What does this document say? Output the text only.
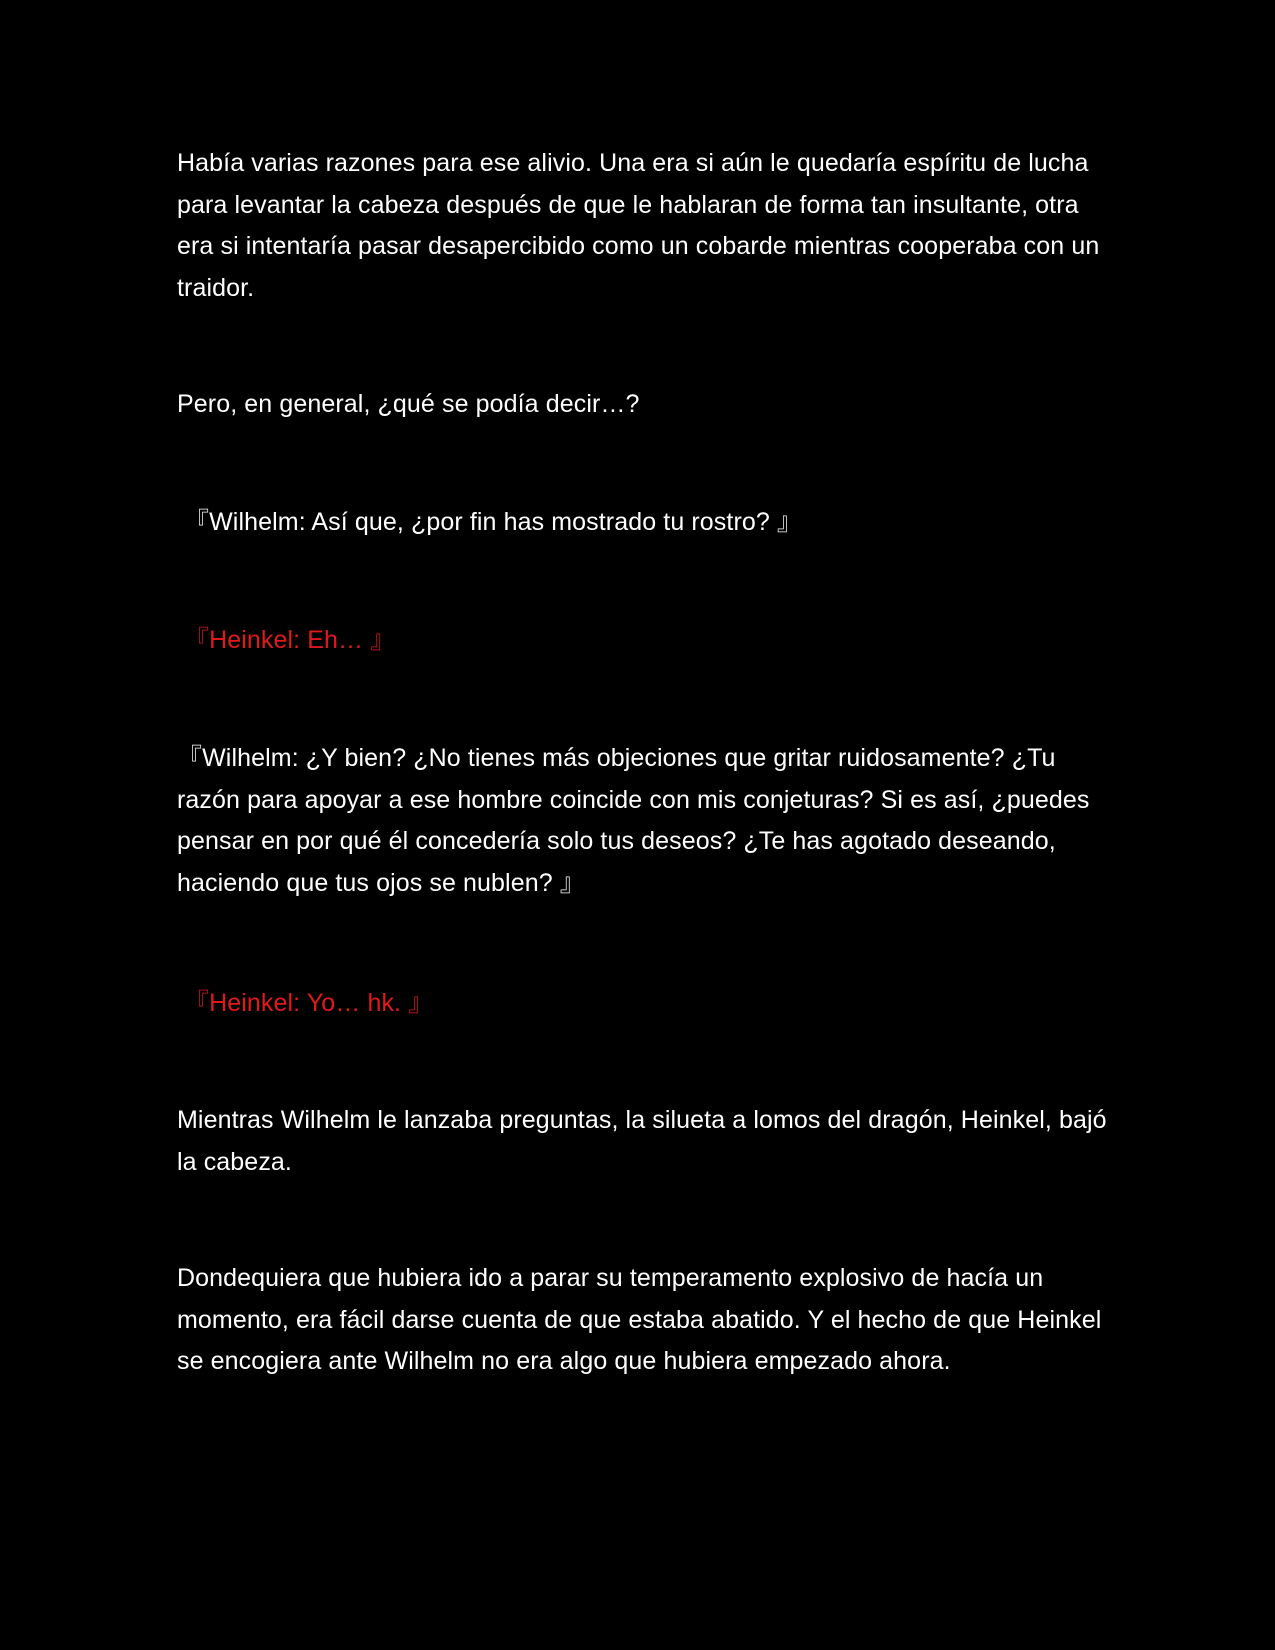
Había varias razones para ese alivio. Una era si aún le quedaría espíritu de lucha para levantar la cabeza después de que le hablaran de forma tan insultante, otra era si intentaría pasar desapercibido como un cobarde mientras cooperaba con un traidor.

Pero, en general, ¿qué se podía decir…?

『Wilhelm: Así que, ¿por fin has mostrado tu rostro? 』

『Heinkel: Eh… 』

『Wilhelm: ¿Y bien? ¿No tienes más objeciones que gritar ruidosamente? ¿Tu razón para apoyar a ese hombre coincide con mis conjeturas? Si es así, ¿puedes pensar en por qué él concedería solo tus deseos? ¿Te has agotado deseando, haciendo que tus ojos se nublen? 』

『Heinkel: Yo… hk. 』

Mientras Wilhelm le lanzaba preguntas, la silueta a lomos del dragón, Heinkel, bajó la cabeza.

Dondequiera que hubiera ido a parar su temperamento explosivo de hacía un momento, era fácil darse cuenta de que estaba abatido. Y el hecho de que Heinkel se encogiera ante Wilhelm no era algo que hubiera empezado ahora.
